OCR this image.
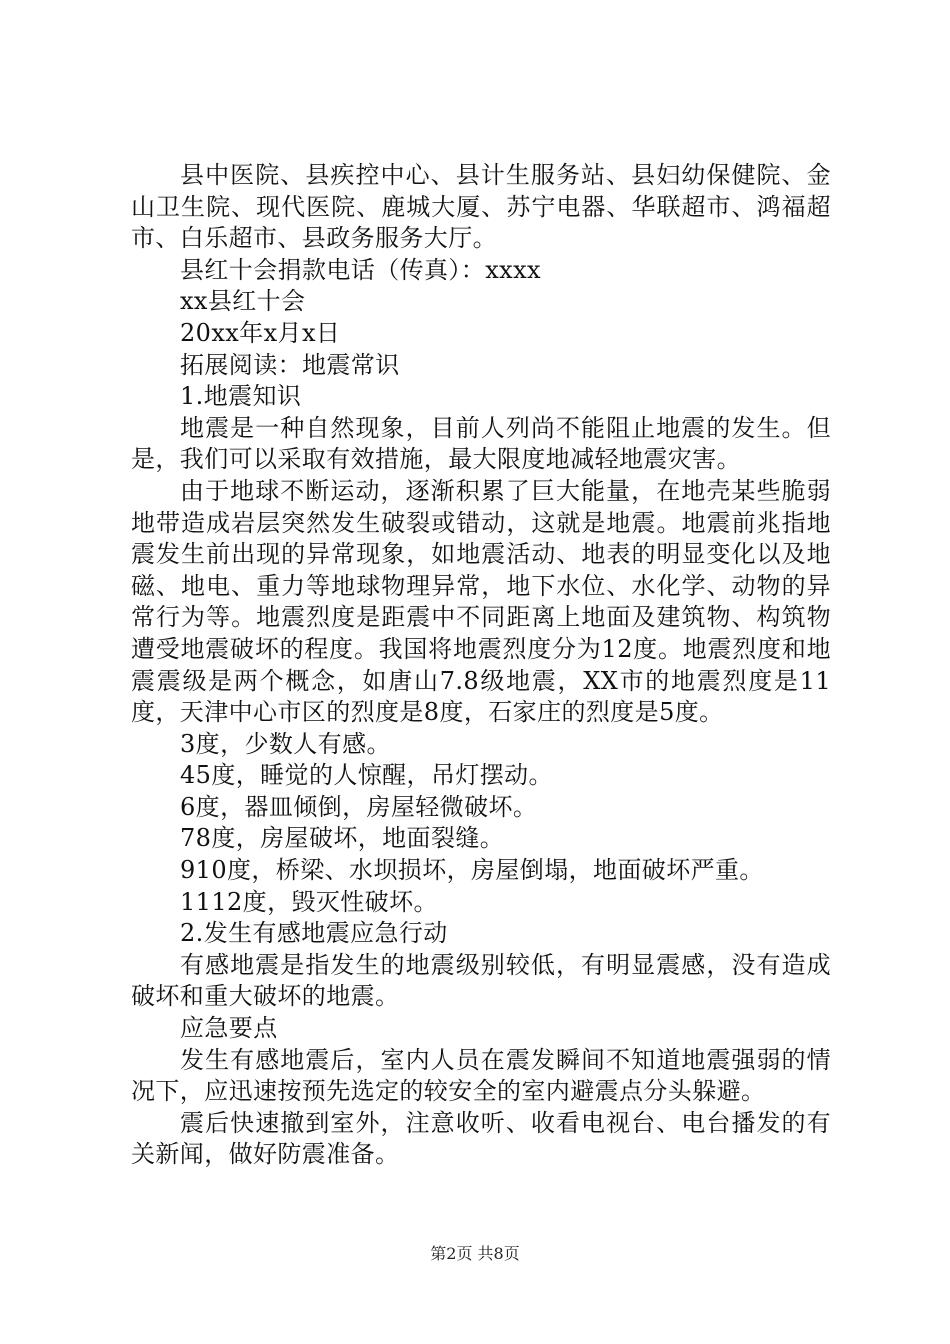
县中医院、县疾控中心、县计生服务站、县妇幼保健院、金山卫生院、现代医院、鹿城大厦、苏宁电器、华联超市、鸿福超市、白乐超市、县政务服务大厅。

县红十会捐款电话（传真）：xxxx

xx县红十会

20xx年x月x日

拓展阅读：地震常识

1.地震知识

地震是一种自然现象，目前人列尚不能阻止地震的发生。但是，我们可以采取有效措施，最大限度地减轻地震灾害。

由于地球不断运动，逐渐积累了巨大能量，在地壳某些脆弱地带造成岩层突然发生破裂或错动，这就是地震。地震前兆指地震发生前出现的异常现象，如地震活动、地表的明显变化以及地磁、地电、重力等地球物理异常，地下水位、水化学、动物的异常行为等。地震烈度是距震中不同距离上地面及建筑物、构筑物遭受地震破坏的程度。我国将地震烈度分为12度。地震烈度和地震震级是两个概念，如唐山7.8级地震，XX市的地震烈度是11度，天津中心市区的烈度是8度，石家庄的烈度是5度。

3度，少数人有感。

45度，睡觉的人惊醒，吊灯摆动。

6度，器皿倾倒，房屋轻微破坏。

78度，房屋破坏，地面裂缝。

910度，桥梁、水坝损坏，房屋倒塌，地面破坏严重。

1112度，毁灭性破坏。

2.发生有感地震应急行动

有感地震是指发生的地震级别较低，有明显震感，没有造成破坏和重大破坏的地震。

应急要点

发生有感地震后，室内人员在震发瞬间不知道地震强弱的情况下，应迅速按预先选定的较安全的室内避震点分头躲避。

震后快速撤到室外，注意收听、收看电视台、电台播发的有关新闻，做好防震准备。

第2页 共8页
